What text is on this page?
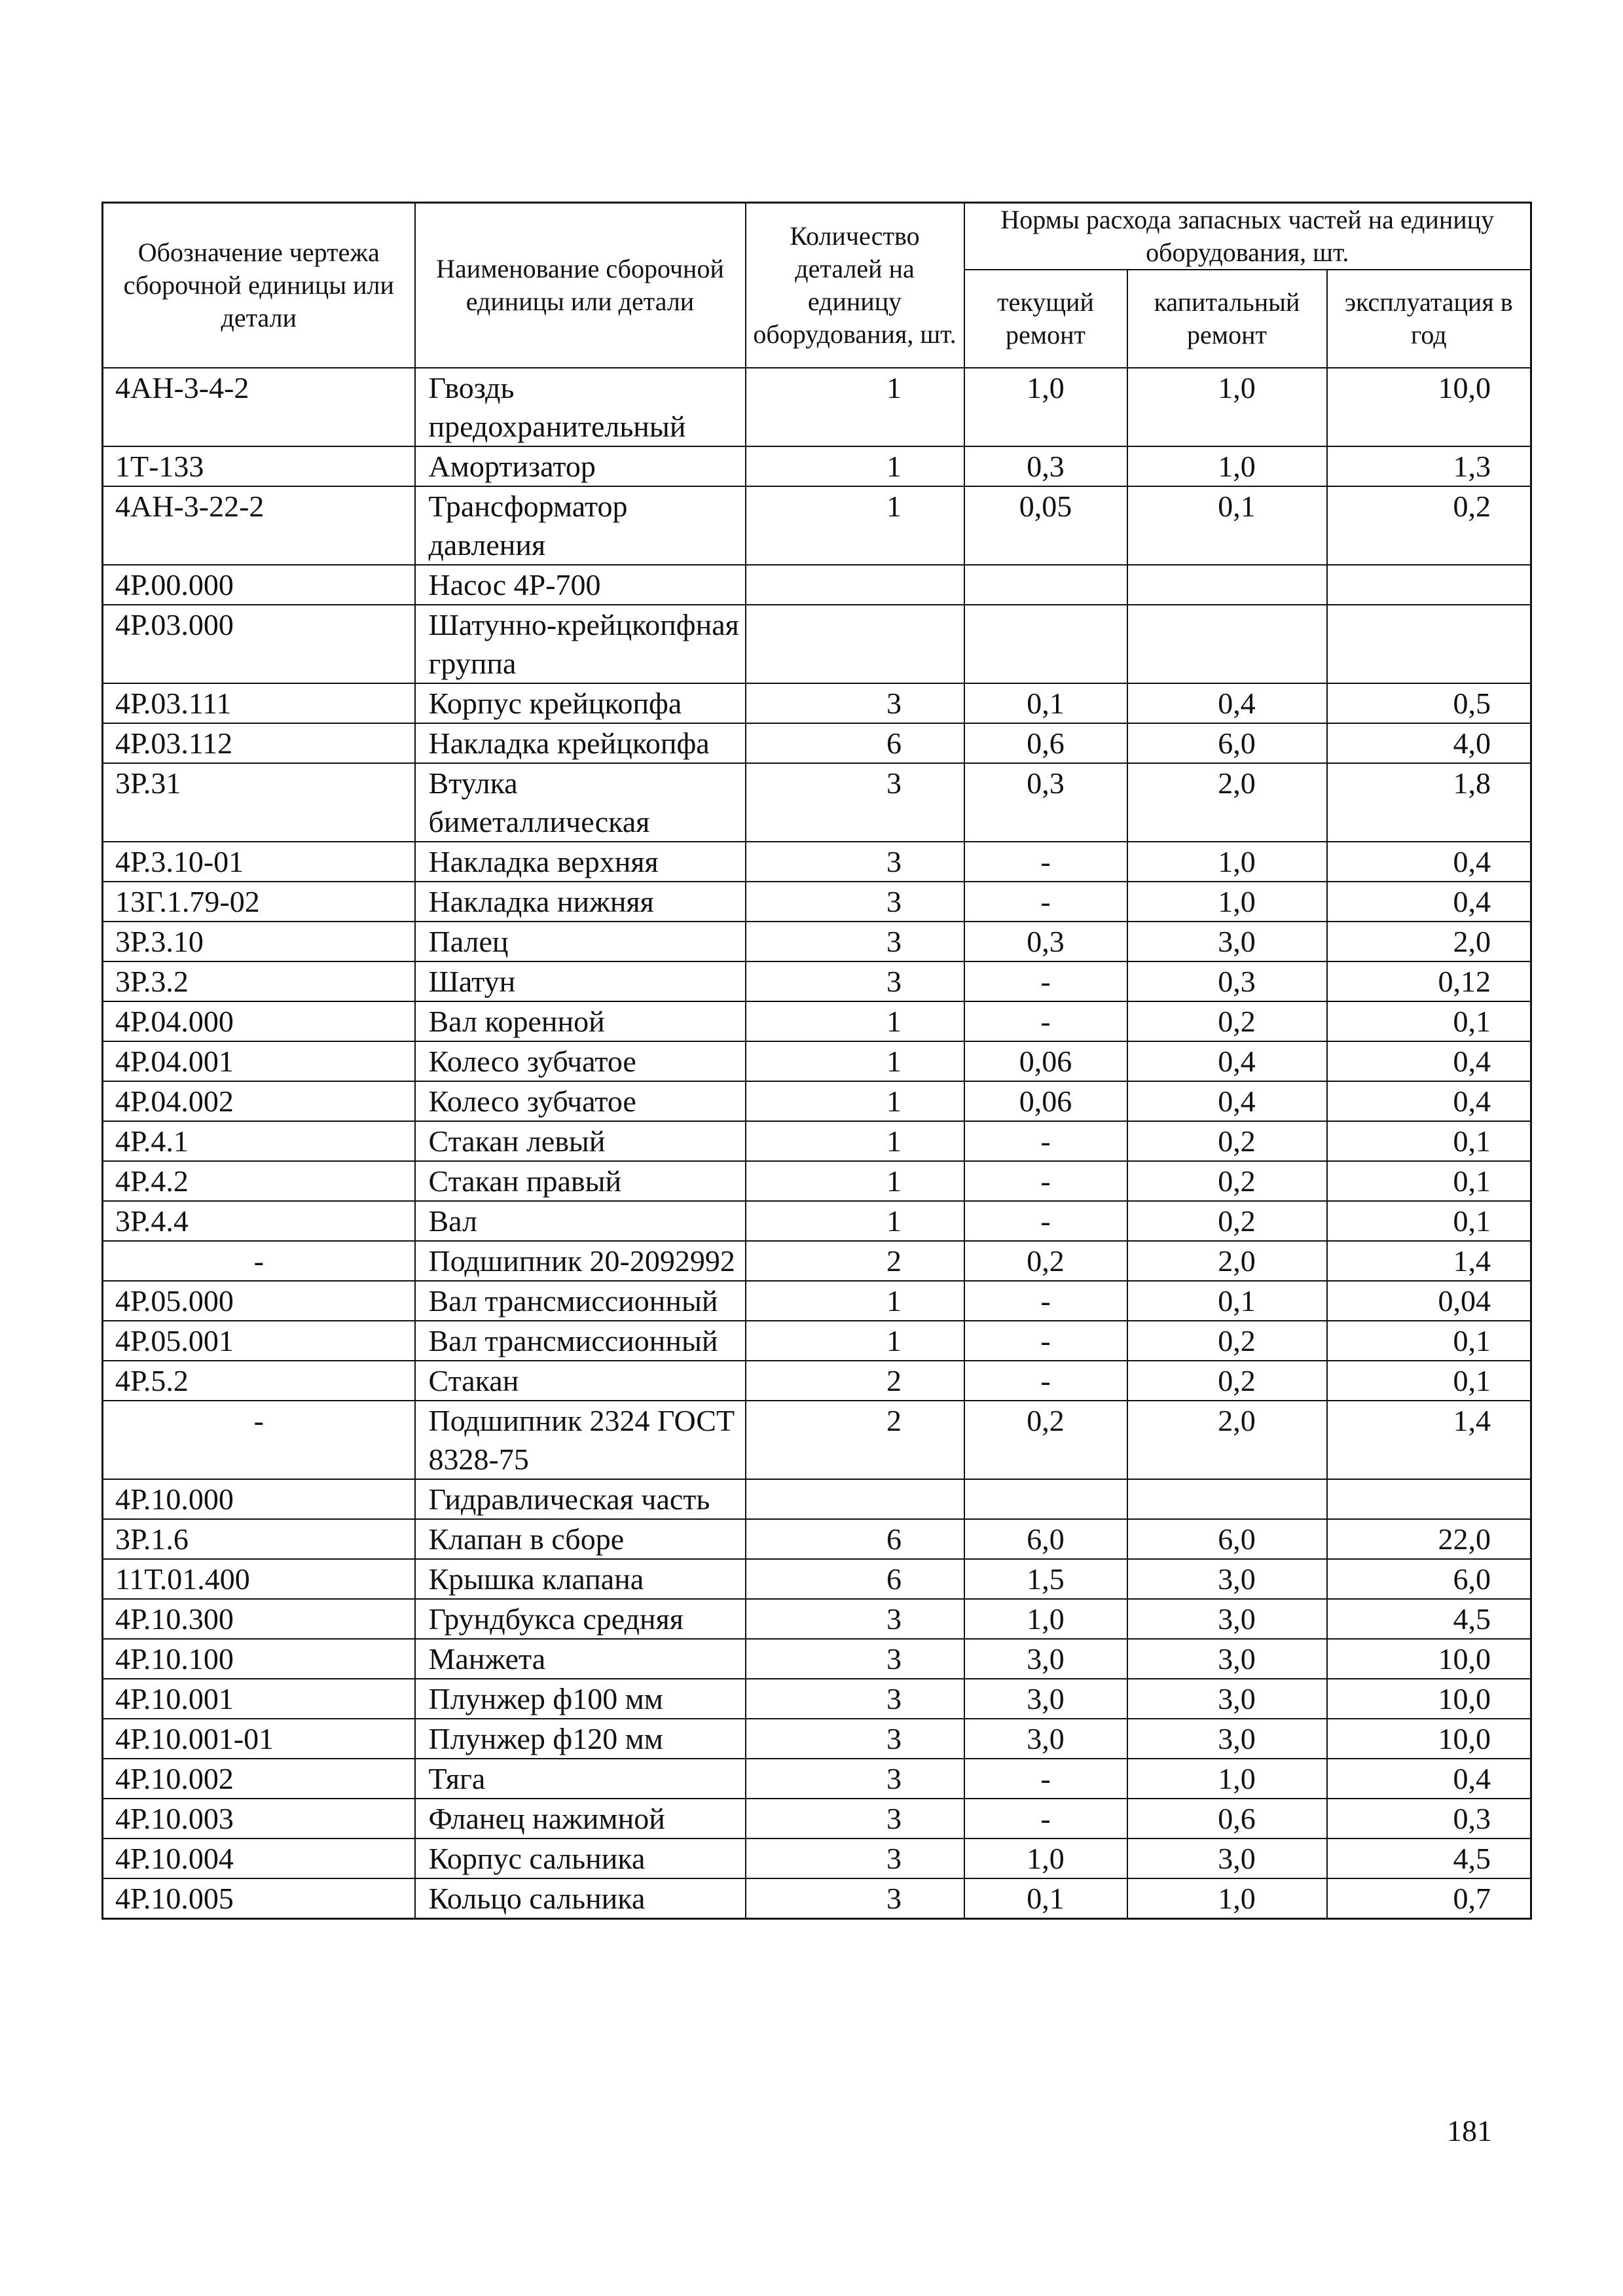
Обозначение чертежа сборочной единицы или детали	Наименование сборочной единицы или детали	Количество деталей на единицу оборудования, шт.	Нормы расхода запасных частей на единицу оборудования, шт.		
			текущий ремонт	капитальный ремонт	эксплуатация в год
4АН-3-4-2	Гвоздь предохранительный	1	1,0	1,0	10,0
1Т-133	Амортизатор	1	0,3	1,0	1,3
4АН-3-22-2	Трансформатор давления	1	0,05	0,1	0,2
4Р.00.000	Насос 4Р-700				
4Р.03.000	Шатунно-крейцкопфная группа				
4Р.03.111	Корпус крейцкопфа	3	0,1	0,4	0,5
4Р.03.112	Накладка крейцкопфа	6	0,6	6,0	4,0
3Р.31	Втулка биметаллическая	3	0,3	2,0	1,8
4Р.3.10-01	Накладка верхняя	3	-	1,0	0,4
13Г.1.79-02	Накладка нижняя	3	-	1,0	0,4
3Р.3.10	Палец	3	0,3	3,0	2,0
3Р.3.2	Шатун	3	-	0,3	0,12
4Р.04.000	Вал коренной	1	-	0,2	0,1
4Р.04.001	Колесо зубчатое	1	0,06	0,4	0,4
4Р.04.002	Колесо зубчатое	1	0,06	0,4	0,4
4Р.4.1	Стакан левый	1	-	0,2	0,1
4Р.4.2	Стакан правый	1	-	0,2	0,1
3Р.4.4	Вал	1	-	0,2	0,1
-	Подшипник 20-2092992	2	0,2	2,0	1,4
4Р.05.000	Вал трансмиссионный	1	-	0,1	0,04
4Р.05.001	Вал трансмиссионный	1	-	0,2	0,1
4Р.5.2	Стакан	2	-	0,2	0,1
-	Подшипник 2324 ГОСТ 8328-75	2	0,2	2,0	1,4
4Р.10.000	Гидравлическая часть				
3Р.1.6	Клапан в сборе	6	6,0	6,0	22,0
11Т.01.400	Крышка клапана	6	1,5	3,0	6,0
4Р.10.300	Грундбукса средняя	3	1,0	3,0	4,5
4Р.10.100	Манжета	3	3,0	3,0	10,0
4Р.10.001	Плунжер ф100 мм	3	3,0	3,0	10,0
4Р.10.001-01	Плунжер ф120 мм	3	3,0	3,0	10,0
4Р.10.002	Тяга	3	-	1,0	0,4
4Р.10.003	Фланец нажимной	3	-	0,6	0,3
4Р.10.004	Корпус сальника	3	1,0	3,0	4,5
4Р.10.005	Кольцо сальника	3	0,1	1,0	0,7
181
